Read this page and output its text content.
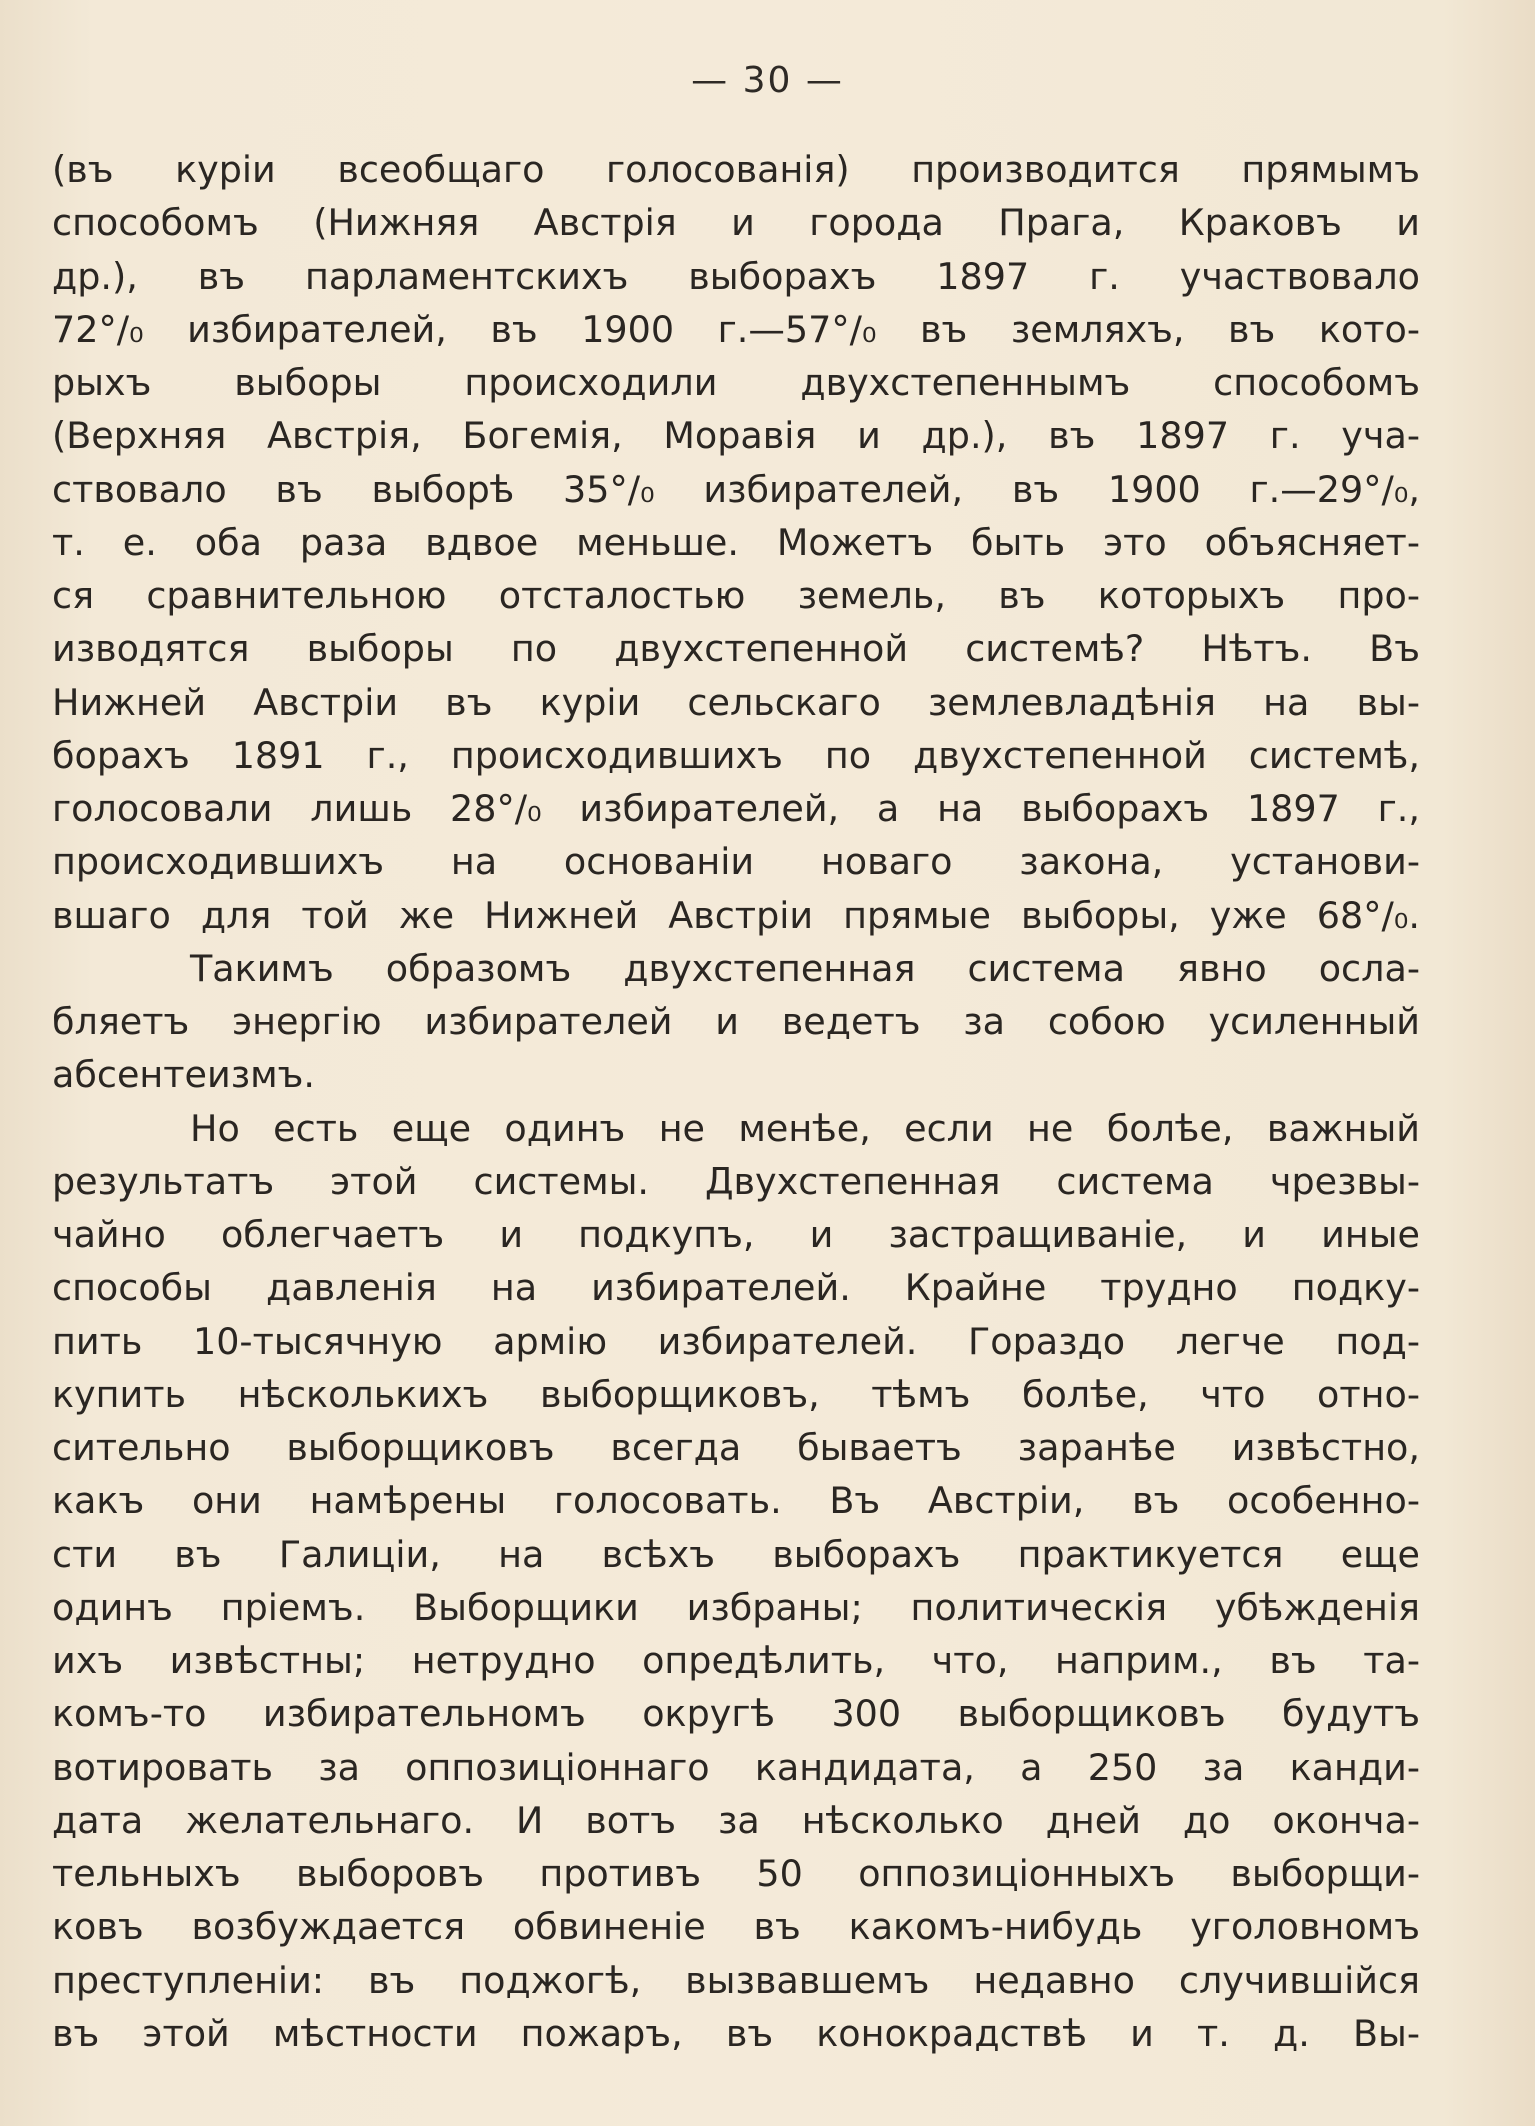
— 30 —
(въ куріи всеобщаго голосованія) производится прямымъ
способомъ (Нижняя Австрія и города Прага, Краковъ и
др.), въ парламентскихъ выборахъ 1897 г. участвовало
72°/₀ избирателей, въ 1900 г.—57°/₀ въ земляхъ, въ кото-
рыхъ выборы происходили двухстепеннымъ способомъ
(Верхняя Австрія, Богемія, Моравія и др.), въ 1897 г. уча-
ствовало въ выборѣ 35°/₀ избирателей, въ 1900 г.—29°/₀,
т. е. оба раза вдвое меньше. Можетъ быть это объясняет-
ся сравнительною отсталостью земель, въ которыхъ про-
изводятся выборы по двухстепенной системѣ? Нѣтъ. Въ
Нижней Австріи въ куріи сельскаго землевладѣнія на вы-
борахъ 1891 г., происходившихъ по двухстепенной системѣ,
голосовали лишь 28°/₀ избирателей, а на выборахъ 1897 г.,
происходившихъ на основаніи новаго закона, установи-
вшаго для той же Нижней Австріи прямые выборы, уже 68°/₀.
Такимъ образомъ двухстепенная система явно осла-
бляетъ энергію избирателей и ведетъ за собою усиленный
абсентеизмъ.
Но есть еще одинъ не менѣе, если не болѣе, важный
результатъ этой системы. Двухстепенная система чрезвы-
чайно облегчаетъ и подкупъ, и застращиваніе, и иные
способы давленія на избирателей. Крайне трудно подку-
пить 10-тысячную армію избирателей. Гораздо легче под-
купить нѣсколькихъ выборщиковъ, тѣмъ болѣе, что отно-
сительно выборщиковъ всегда бываетъ заранѣе извѣстно,
какъ они намѣрены голосовать. Въ Австріи, въ особенно-
сти въ Галиціи, на всѣхъ выборахъ практикуется еще
одинъ пріемъ. Выборщики избраны; политическія убѣжденія
ихъ извѣстны; нетрудно опредѣлить, что, наприм., въ та-
комъ-то избирательномъ округѣ 300 выборщиковъ будутъ
вотировать за оппозиціоннаго кандидата, а 250 за канди-
дата желательнаго. И вотъ за нѣсколько дней до оконча-
тельныхъ выборовъ противъ 50 оппозиціонныхъ выборщи-
ковъ возбуждается обвиненіе въ какомъ-нибудь уголовномъ
преступленіи: въ поджогѣ, вызвавшемъ недавно случившійся
въ этой мѣстности пожаръ, въ конокрадствѣ и т. д. Вы-
